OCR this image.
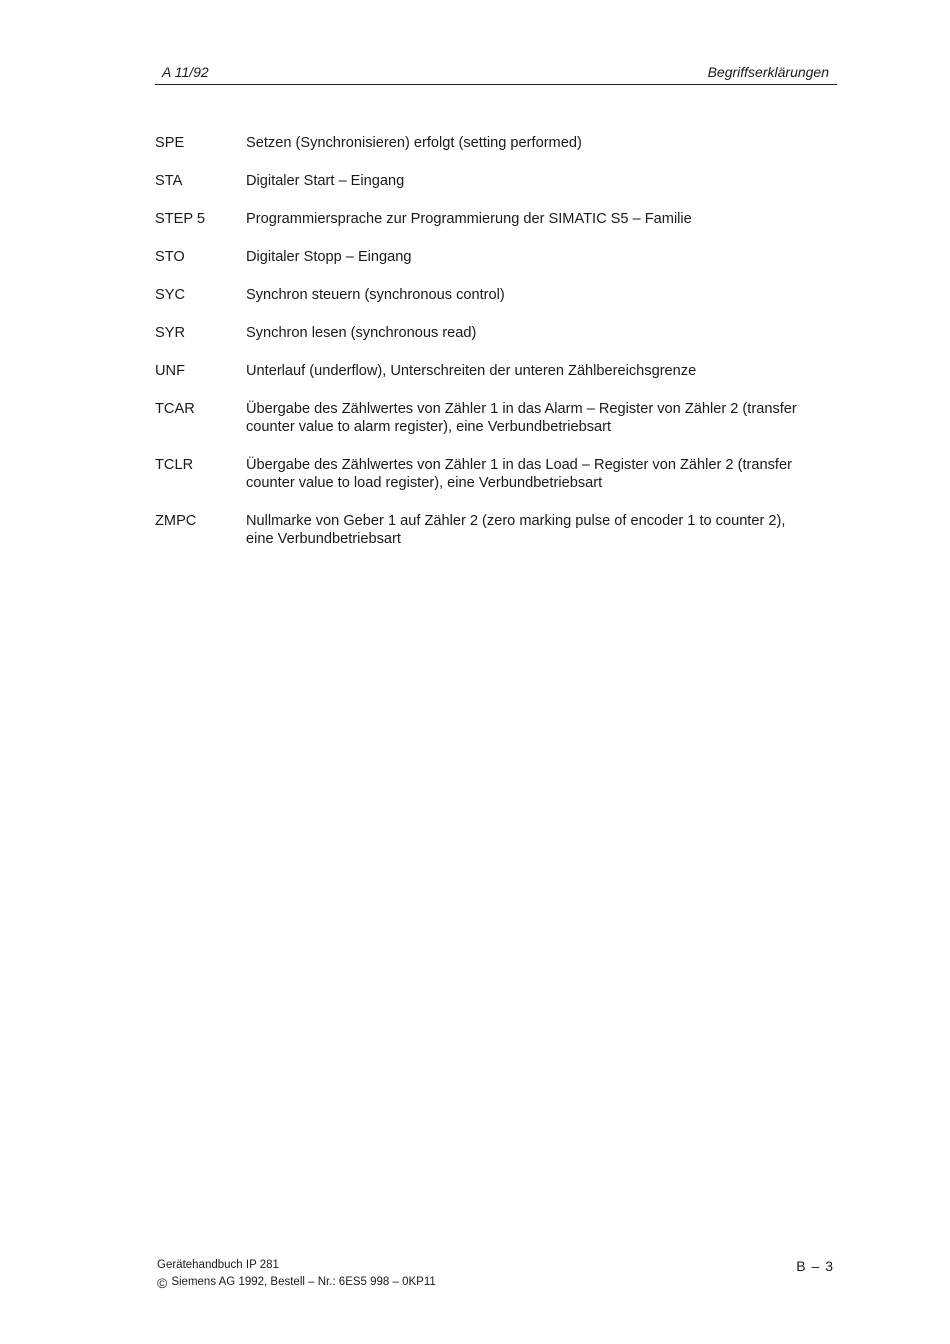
A 11/92	Begriffserklärungen
SPE	Setzen (Synchronisieren) erfolgt (setting performed)
STA	Digitaler Start – Eingang
STEP 5	Programmiersprache zur Programmierung der SIMATIC S5 – Familie
STO	Digitaler Stopp – Eingang
SYC	Synchron steuern (synchronous control)
SYR	Synchron lesen (synchronous read)
UNF	Unterlauf (underflow), Unterschreiten der unteren Zählbereichsgrenze
TCAR	Übergabe des Zählwertes von Zähler 1 in das Alarm – Register von Zähler 2 (transfer
counter value to alarm register), eine Verbundbetriebsart
TCLR	Übergabe des Zählwertes von Zähler 1 in das Load – Register von Zähler 2 (transfer
counter value to load register), eine Verbundbetriebsart
ZMPC	Nullmarke von Geber 1 auf Zähler 2 (zero marking pulse of encoder 1 to counter 2),
eine Verbundbetriebsart
Gerätehandbuch IP 281
© Siemens AG 1992, Bestell – Nr.: 6ES5 998 – 0KP11
B – 3
